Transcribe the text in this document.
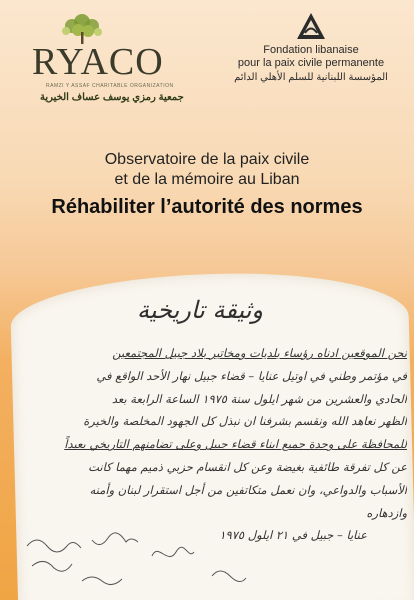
RYACO
RAMZI Y ASSAF CHARITABLE ORGANIZATION
جمعية رمزي يوسف عساف الخيرية
Fondation libanaise
pour la paix civile permanente
المؤسسة اللبنانية للسلم الأهلي الدائم
Observatoire de la paix civile
et de la mémoire au Liban
Réhabiliter l’autorité des normes
وثيقة تاريخية
نحن الموقعين ادناه رؤساء بلديات ومخاتير بلاد جبيل المجتمعين
في مؤتمر وطني في اوتيل عنايا – قضاء جبيل نهار الأحد الواقع في
الحادي والعشرين من شهر ايلول سنة ١٩٧٥ الساعة الرابعة بعد
الظهر نعاهد الله ونقسم بشرفنا ان نبذل كل الجهود المخلصة والخيرة
للمحافظة على وحدة جميع ابناء قضاء جبيل وعلى تضامنهم التاريخي بعيداً
عن كل تفرقة طائفية بغيضة وعن كل انقسام حزبي ذميم مهما كانت
الأسباب والدواعي، وان نعمل متكاتفين من أجل استقرار لبنان وأمنه
وازدهاره
عنايا – جبيل في ٢١ ايلول ١٩٧٥
